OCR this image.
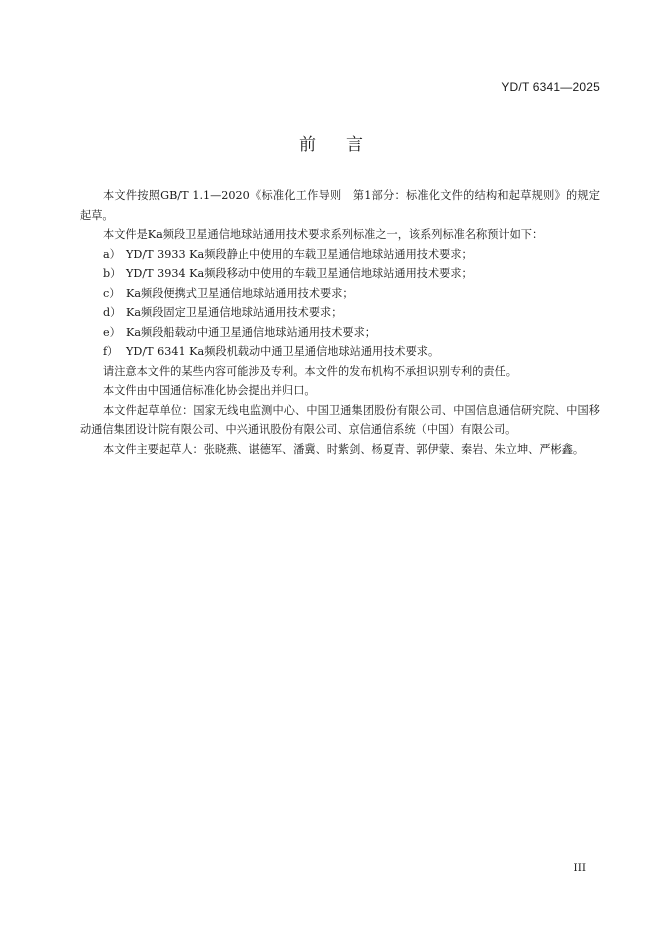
YD/T 6341—2025
前言

本文件按照GB/T 1.1—2020《标准化工作导则　第1部分：标准化文件的结构和起草规则》的规定起草。

本文件是Ka频段卫星通信地球站通用技术要求系列标准之一，该系列标准名称预计如下：

a） YD/T 3933 Ka频段静止中使用的车载卫星通信地球站通用技术要求；
b） YD/T 3934 Ka频段移动中使用的车载卫星通信地球站通用技术要求；
c） Ka频段便携式卫星通信地球站通用技术要求；
d） Ka频段固定卫星通信地球站通用技术要求；
e） Ka频段船载动中通卫星通信地球站通用技术要求；
f） YD/T 6341 Ka频段机载动中通卫星通信地球站通用技术要求。

请注意本文件的某些内容可能涉及专利。本文件的发布机构不承担识别专利的责任。

本文件由中国通信标准化协会提出并归口。

本文件起草单位：国家无线电监测中心、中国卫通集团股份有限公司、中国信息通信研究院、中国移动通信集团设计院有限公司、中兴通讯股份有限公司、京信通信系统（中国）有限公司。

本文件主要起草人：张晓燕、谌德军、潘冀、时紫剑、杨夏青、郭伊蒙、秦岩、朱立坤、严彬鑫。

III
